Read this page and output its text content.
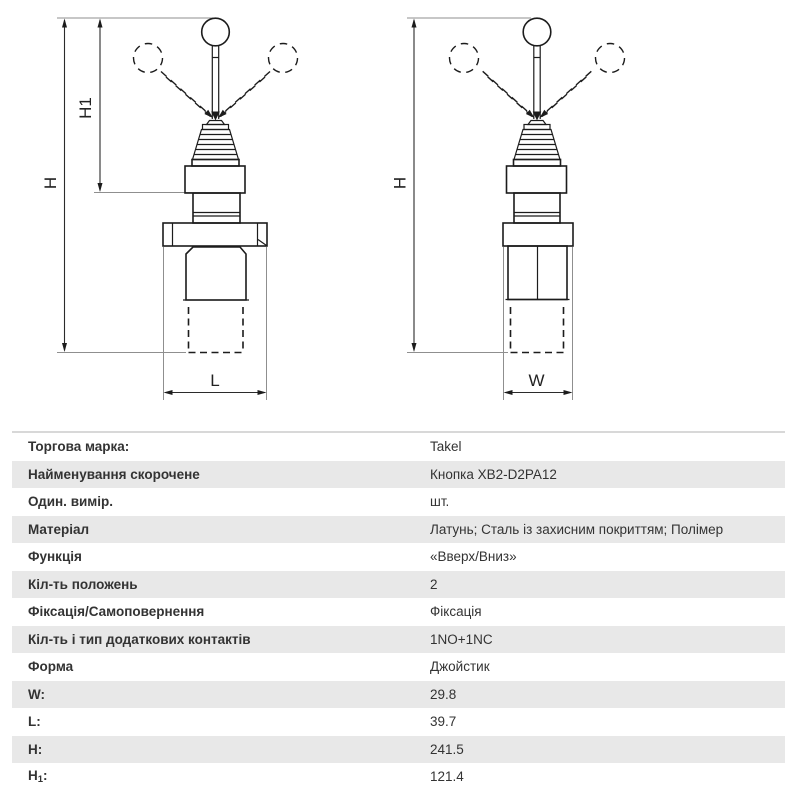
H
H1
L
H
W
Торгова марка:	Takel
Найменування скорочене	Кнопка XB2-D2PA12
Один. вимір.	шт.
Матеріал	Латунь; Сталь із захисним покриттям; Полімер
Функція	«Вверх/Вниз»
Кіл-ть положень	2
Фіксація/Самоповернення	Фіксація
Кіл-ть і тип додаткових контактів	1NO+1NC
Форма	Джойстик
W:	29.8
L:	39.7
H:	241.5
$H_1$:	121.4
